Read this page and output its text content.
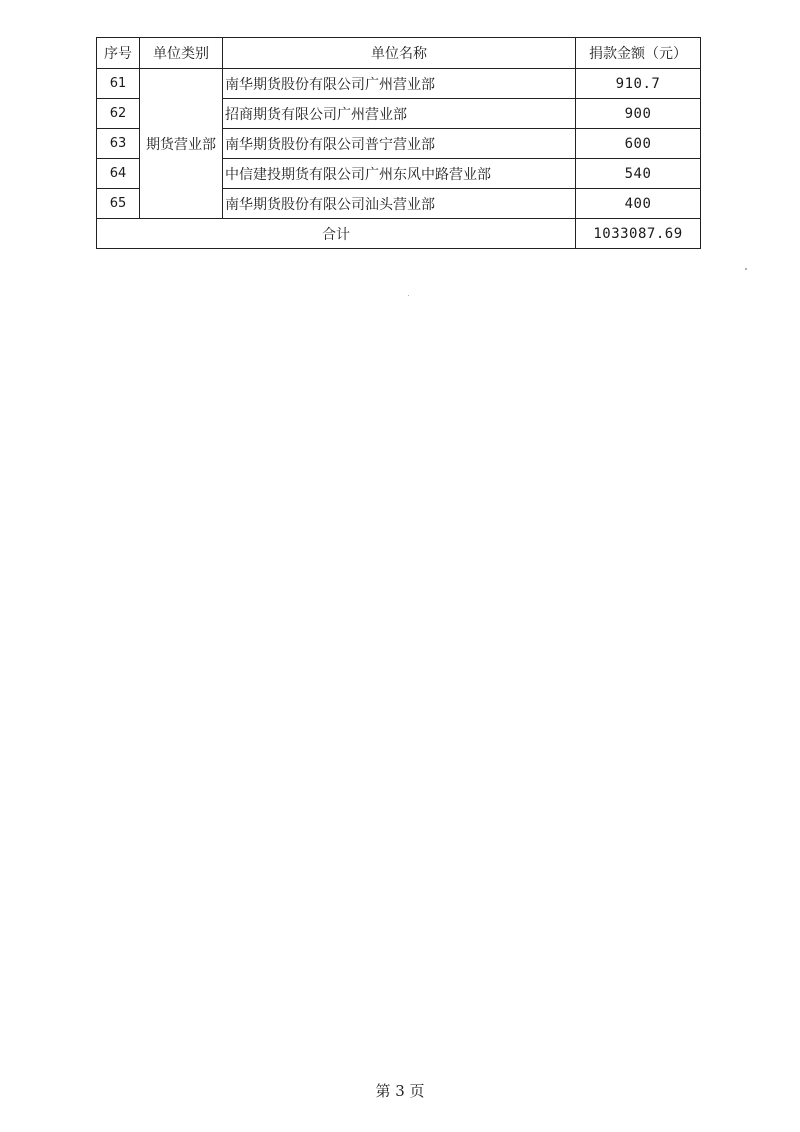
序号	单位类别	单位名称	捐款金额（元）
61	期货营业部	南华期货股份有限公司广州营业部	910.7
62		招商期货有限公司广州营业部	900
63		南华期货股份有限公司普宁营业部	600
64		中信建投期货有限公司广州东风中路营业部	540
65		南华期货股份有限公司汕头营业部	400
合计			1033087.69
第 3 页
